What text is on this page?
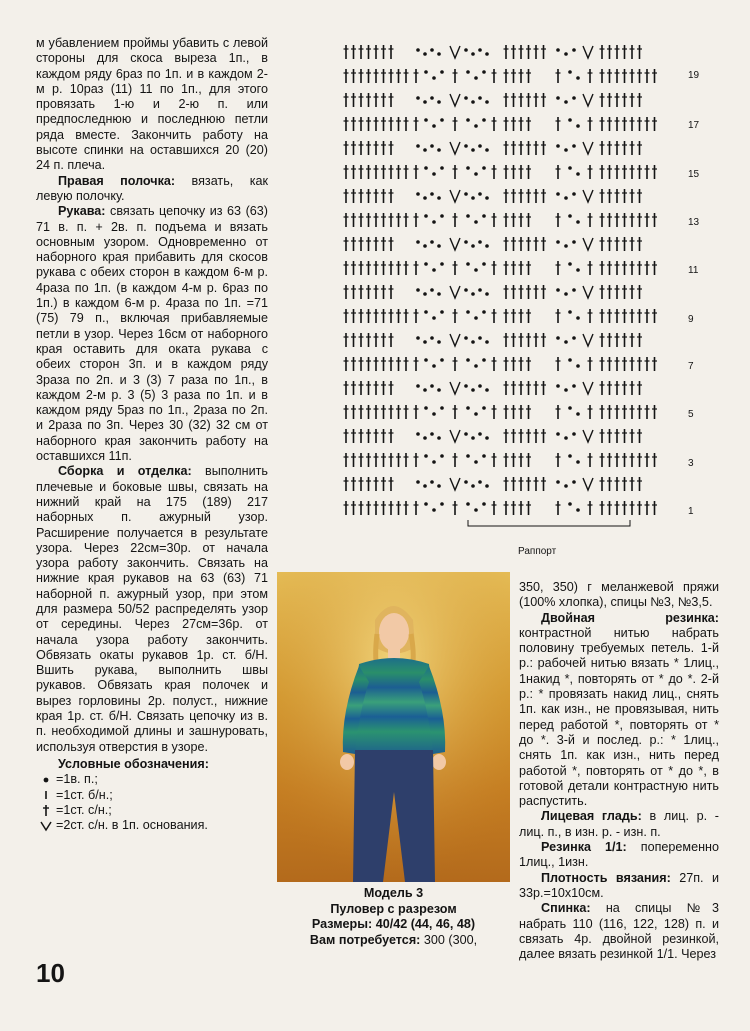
м убавлением проймы убавить с левой стороны для скоса выреза 1п., в каждом ряду 6раз по 1п. и в каждом 2-м р. 10раз (11) 11 по 1п., для этого провязать 1-ю и 2-ю п. или предпоследнюю и последнюю петли ряда вместе. Закончить работу на высоте спинки на оставшихся 20 (20) 24 п. плеча.

Правая полочка: вязать, как левую полочку.

Рукава: связать цепочку из 63 (63) 71 в. п. + 2в. п. подъема и вязать основным узором. Одновременно от наборного края прибавить для скосов рукава с обеих сторон в каждом 6-м р. 4раза по 1п. (в каждом 4-м р. 6раз по 1п.) в каждом 6-м р. 4раза по 1п. =71 (75) 79 п., включая прибавляемые петли в узор. Через 16см от наборного края оставить для оката рукава с обеих сторон 3п. и в каждом ряду 3раза по 2п. и 3 (3) 7 раза по 1п., в каждом 2-м р. 3 (5) 3 раза по 1п. и в каждом ряду 5раз по 1п., 2раза по 2п. и 2раза по 3п. Через 30 (32) 32 см от наборного края закончить работу на оставшихся 11п.

Сборка и отделка: выполнить плечевые и боковые швы, связать на нижний край на 175 (189) 217 наборных п. ажурный узор. Расширение получается в результате узора. Через 22см=30р. от начала узора работу закончить. Связать на нижние края рукавов на 63 (63) 71 наборной п. ажурный узор, при этом для размера 50/52 распределять узор от середины. Через 27см=36р. от начала узора работу закончить. Обвязать окаты рукавов 1р. ст. б/Н. Вшить рукава, выполнить швы рукавов. Обвязать края полочек и вырез горловины 2р. полуст., нижние края 1р. ст. б/Н. Связать цепочку из в. п. необходимой длины и зашнуровать, используя отверстия в узоре.

Условные обозначения:
=1в. п.;
=1ст. б/н.;
=1ст. с/н.;
=2ст. с/н. в 1п. основания.
19
17
15
13
11
9
7
5
3
1
Раппорт
Модель 3
Пуловер с разрезом
Размеры: 40/42 (44, 46, 48)
Вам потребуется: 300 (300,

350, 350) г меланжевой пряжи (100% хлопка), спицы №3, №3,5.

Двойная резинка: контрастной нитью набрать половину требуемых петель. 1-й р.: рабочей нитью вязать * 1лиц., 1накид *, повторять от * до *. 2-й р.: * провязать накид лиц., снять 1п. как изн., не провязывая, нить перед работой *, повторять от * до *. 3-й и послед. р.: * 1лиц., снять 1п. как изн., нить перед работой *, повторять от * до *, в готовой детали контрастную нить распустить.

Лицевая гладь: в лиц. р. - лиц. п., в изн. р. - изн. п.

Резинка 1/1: попеременно 1лиц., 1изн.

Плотность вязания: 27п. и 33р.=10х10см.

Спинка: на спицы №3 набрать 110 (116, 122, 128) п. и связать 4р. двойной резинкой, далее вязать резинкой 1/1. Через

10
